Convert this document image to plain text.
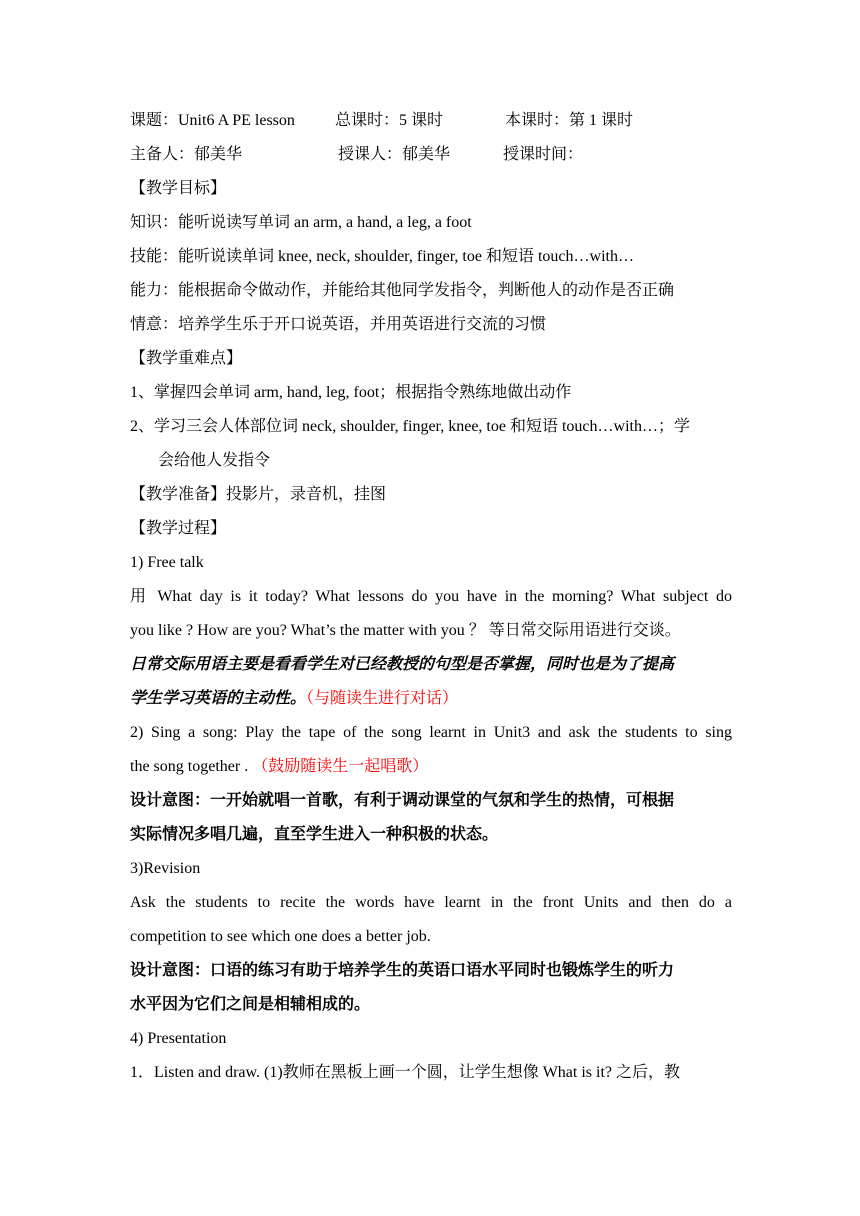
课题：Unit6 A PE lesson	总课时：5 课时	本课时：第 1 课时
主备人：郁美华	授课人：郁美华	授课时间：
【教学目标】
知识：能听说读写单词 an arm, a hand, a leg, a foot
技能：能听说读单词 knee, neck, shoulder, finger, toe 和短语 touch…with…
能力：能根据命令做动作，并能给其他同学发指令，判断他人的动作是否正确
情意：培养学生乐于开口说英语，并用英语进行交流的习惯
【教学重难点】
1、掌握四会单词 arm, hand, leg, foot；根据指令熟练地做出动作
2、学习三会人体部位词 neck, shoulder, finger, knee, toe 和短语 touch…with…；学
会给他人发指令
【教学准备】投影片，录音机，挂图
【教学过程】
1) Free talk
用 What day is it today? What lessons do you have in the morning? What subject do
you like ? How are you? What’s the matter with you ？ 等日常交际用语进行交谈。
日常交际用语主要是看看学生对已经教授的句型是否掌握，同时也是为了提高
学生学习英语的主动性。（与随读生进行对话）
2) Sing a song: Play the tape of the song learnt in Unit3 and ask the students to sing
the song together . （鼓励随读生一起唱歌）
设计意图：一开始就唱一首歌，有利于调动课堂的气氛和学生的热情，可根据
实际情况多唱几遍，直至学生进入一种积极的状态。
3)Revision
Ask the students to recite the words have learnt in the front Units and then do a
competition to see which one does a better job.
设计意图：口语的练习有助于培养学生的英语口语水平同时也锻炼学生的听力
水平因为它们之间是相辅相成的。
4) Presentation
1．Listen and draw. (1)教师在黑板上画一个圆，让学生想像 What is it? 之后，教
